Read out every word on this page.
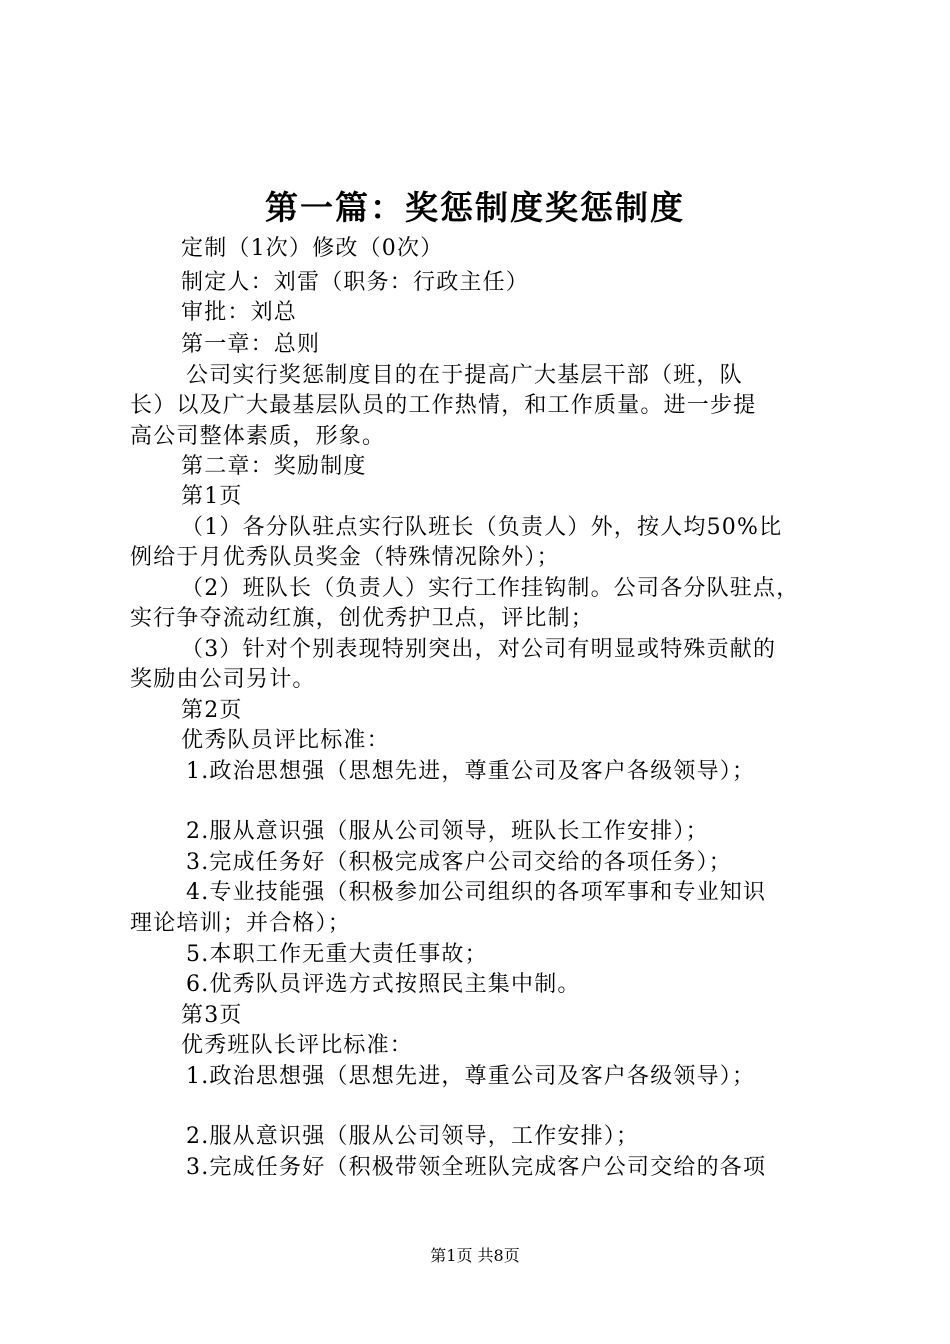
第一篇：奖惩制度奖惩制度
定制（1次）修改（0次）
制定人：刘雷（职务：行政主任）
审批：刘总
第一章：总则
公司实行奖惩制度目的在于提高广大基层干部（班，队
长）以及广大最基层队员的工作热情，和工作质量。进一步提
高公司整体素质，形象。
第二章：奖励制度
第1页
（1）各分队驻点实行队班长（负责人）外，按人均50%比
例给于月优秀队员奖金（特殊情况除外）；
（2）班队长（负责人）实行工作挂钩制。公司各分队驻点，
实行争夺流动红旗，创优秀护卫点，评比制；
（3）针对个别表现特别突出，对公司有明显或特殊贡献的
奖励由公司另计。
第2页
优秀队员评比标准：
1.政治思想强（思想先进，尊重公司及客户各级领导）；
2.服从意识强（服从公司领导，班队长工作安排）；
3.完成任务好（积极完成客户公司交给的各项任务）；
4.专业技能强（积极参加公司组织的各项军事和专业知识
理论培训；并合格）；
5.本职工作无重大责任事故；
6.优秀队员评选方式按照民主集中制。
第3页
优秀班队长评比标准：
1.政治思想强（思想先进，尊重公司及客户各级领导）；
2.服从意识强（服从公司领导，工作安排）；
3.完成任务好（积极带领全班队完成客户公司交给的各项
第1页 共8页
